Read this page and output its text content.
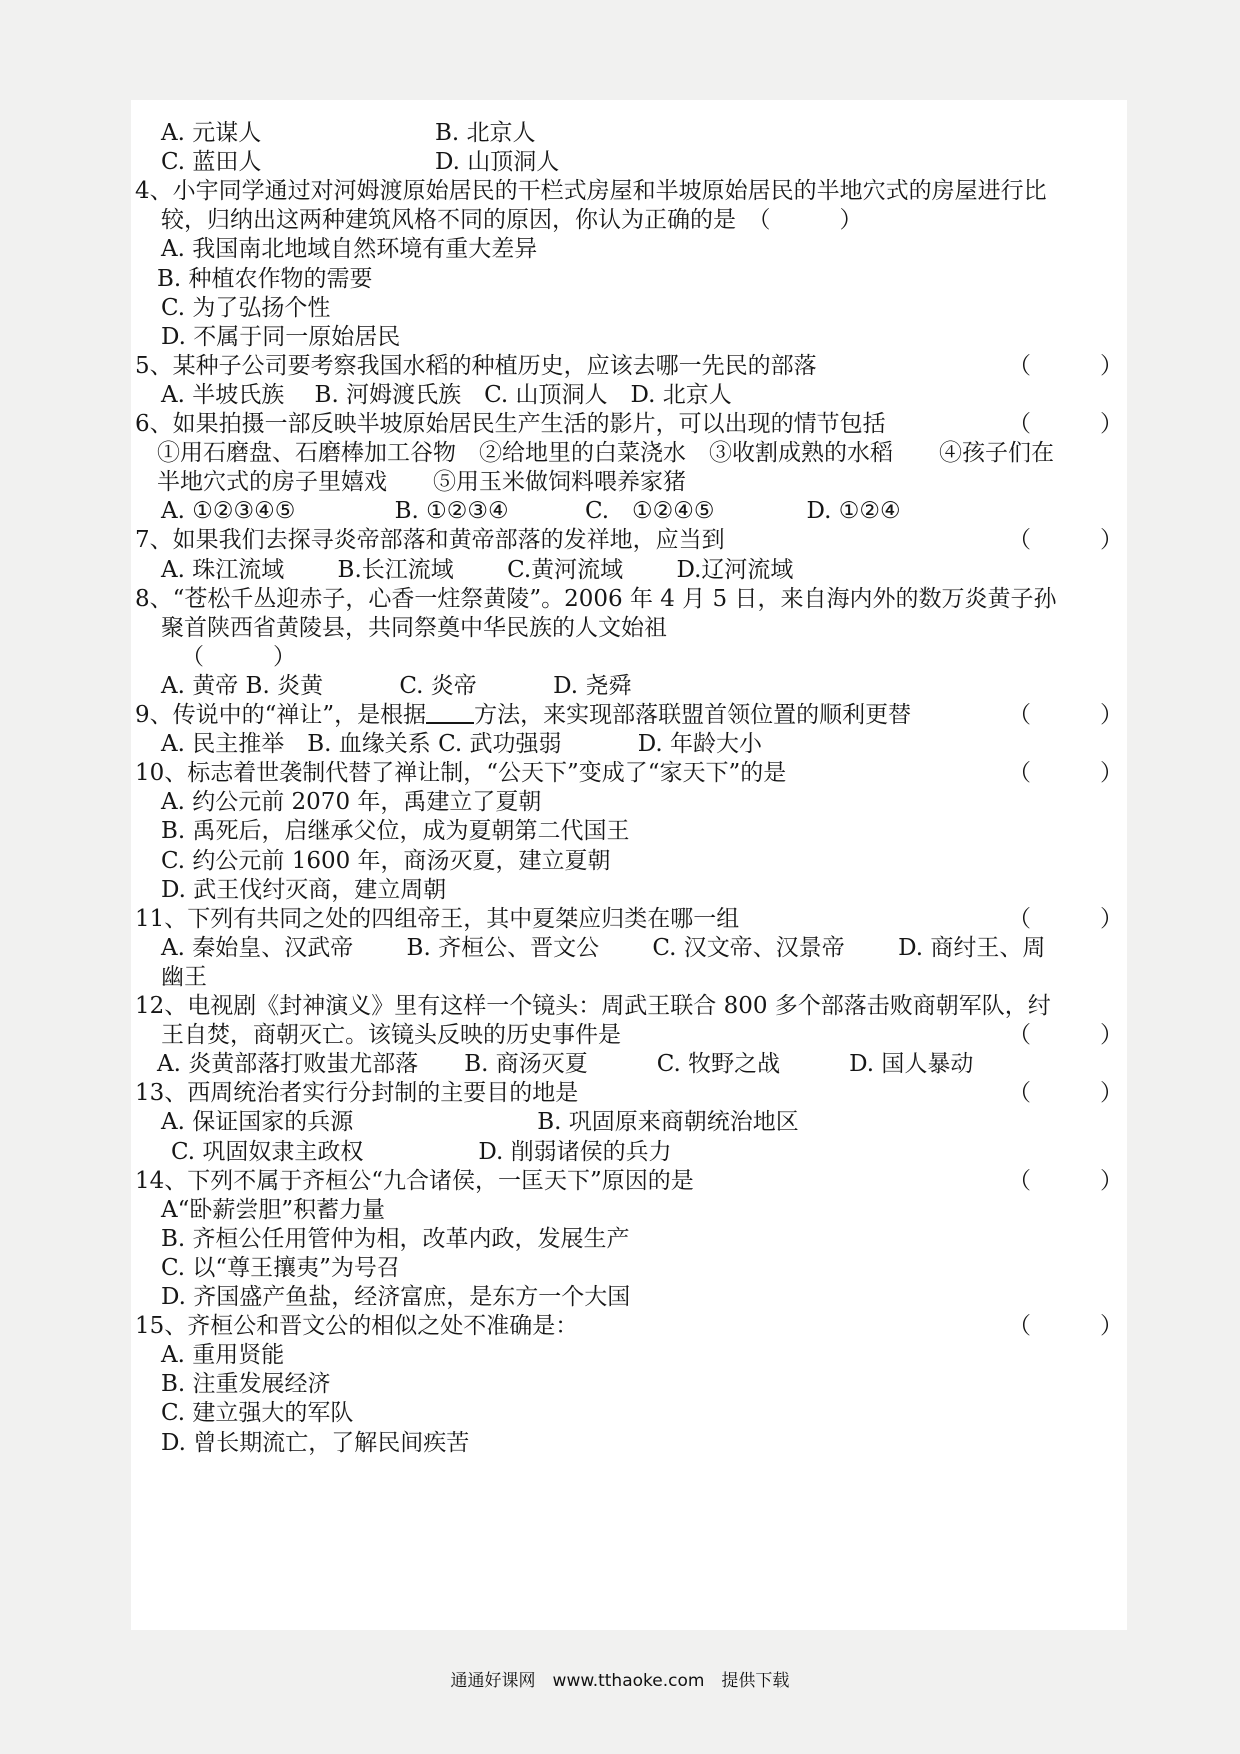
A. 元谋人	B. 北京人
C. 蓝田人	D. 山顶洞人
4、小宇同学通过对河姆渡原始居民的干栏式房屋和半坡原始居民的半地穴式的房屋进行比
较，归纳出这两种建筑风格不同的原因，你认为正确的是　（　　　）
A. 我国南北地域自然环境有重大差异
B. 种植农作物的需要
C. 为了弘扬个性
D. 不属于同一原始居民
5、某种子公司要考察我国水稻的种植历史，应该去哪一先民的部落	（　　　）
A. 半坡氏族　 B. 河姆渡氏族　C. 山顶洞人　D. 北京人
6、如果拍摄一部反映半坡原始居民生产生活的影片，可以出现的情节包括	（　　　）
①用石磨盘、石磨棒加工谷物　②给地里的白菜浇水　③收割成熟的水稻　　④孩子们在
半地穴式的房子里嬉戏　　⑤用玉米做饲料喂养家猪
A. ①②③④⑤　　　　 B. ①②③④　　　 C.　①②④⑤　　　　D. ①②④
7、如果我们去探寻炎帝部落和黄帝部落的发祥地，应当到	（　　　）
A. 珠江流域　　 B.长江流域　　 C.黄河流域　　 D.辽河流域
8、“苍松千丛迎赤子，心香一炷祭黄陵”。2006 年 4 月 5 日，来自海内外的数万炎黄子孙
聚首陕西省黄陵县，共同祭奠中华民族的人文始祖
（　　　）
A. 黄帝 B. 炎黄　　　 C. 炎帝　　　 D. 尧舜
9、传说中的“禅让”，是根据 方法，来实现部落联盟首领位置的顺利更替	（　　　）
A. 民主推举　B. 血缘关系 C. 武功强弱　　　 D. 年龄大小
10、标志着世袭制代替了禅让制，“公天下”变成了“家天下”的是	（　　　）
A. 约公元前 2070 年，禹建立了夏朝
B. 禹死后，启继承父位，成为夏朝第二代国王
C. 约公元前 1600 年，商汤灭夏，建立夏朝
D. 武王伐纣灭商，建立周朝
11、下列有共同之处的四组帝王，其中夏桀应归类在哪一组	（　　　）
A. 秦始皇、汉武帝　　 B. 齐桓公、晋文公　　 C. 汉文帝、汉景帝　　 D. 商纣王、周
幽王
12、电视剧《封神演义》里有这样一个镜头：周武王联合 800 多个部落击败商朝军队，纣
王自焚，商朝灭亡。该镜头反映的历史事件是	（　　　）
A. 炎黄部落打败蚩尤部落　　B. 商汤灭夏　　　C. 牧野之战　　　D. 国人暴动
13、西周统治者实行分封制的主要目的地是	（　　　）
A. 保证国家的兵源　　　　　　　　B. 巩固原来商朝统治地区
C. 巩固奴隶主政权　　　　　D. 削弱诸侯的兵力
14、下列不属于齐桓公“九合诸侯，一匡天下”原因的是	（　　　）
A“卧薪尝胆”积蓄力量
B. 齐桓公任用管仲为相，改革内政，发展生产
C. 以“尊王攘夷”为号召
D. 齐国盛产鱼盐，经济富庶，是东方一个大国
15、齐桓公和晋文公的相似之处不准确是：	（　　　）
A. 重用贤能
B. 注重发展经济
C. 建立强大的军队
D. 曾长期流亡，了解民间疾苦
通通好课网　www.tthaoke.com　提供下载
